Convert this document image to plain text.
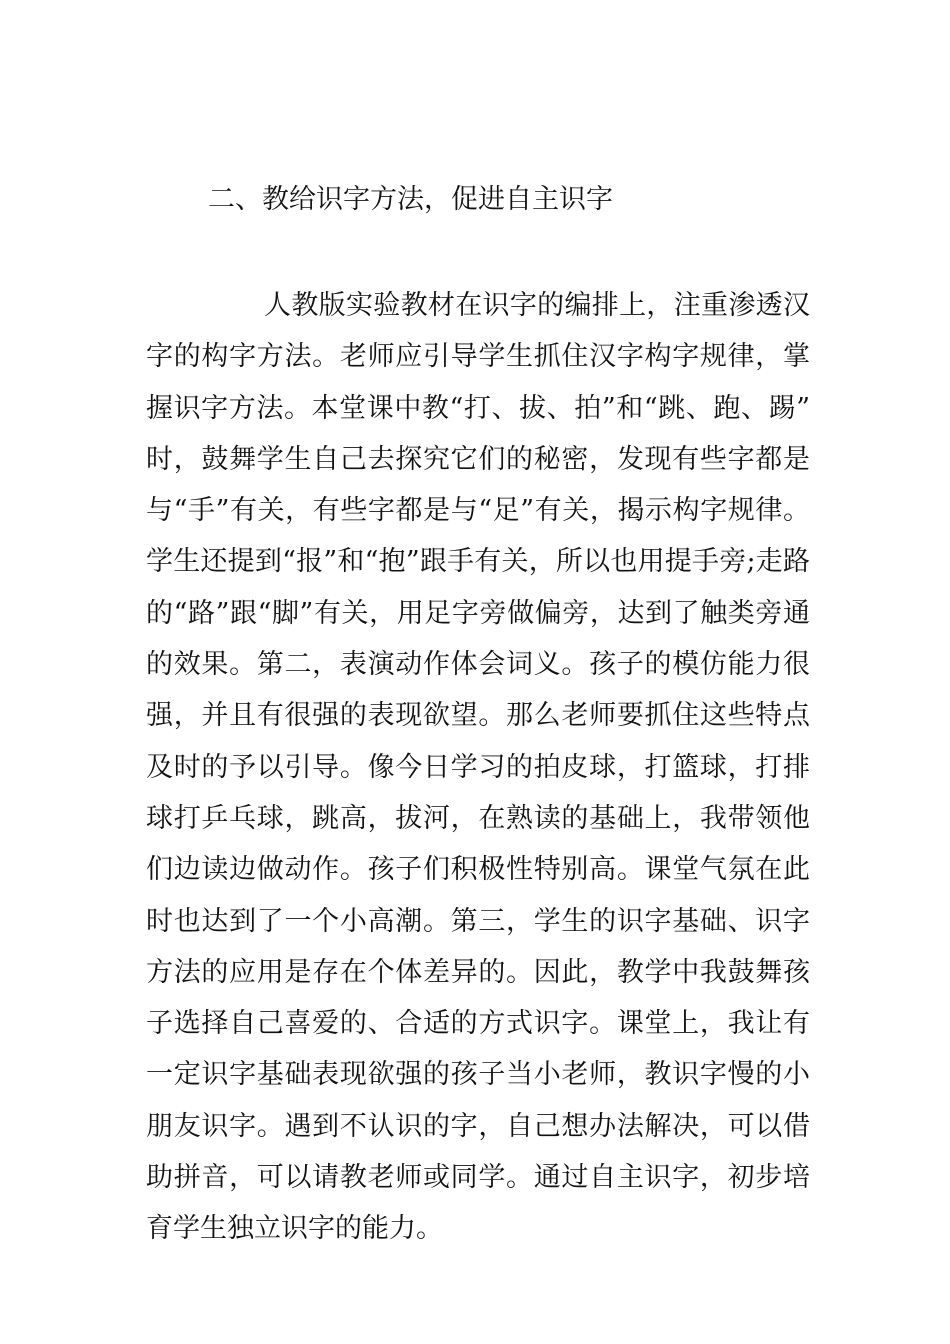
二、教给识字方法，促进自主识字

人教版实验教材在识字的编排上，注重渗透汉字的构字方法。老师应引导学生抓住汉字构字规律，掌握识字方法。本堂课中教“打、拔、拍”和“跳、跑、踢”时，鼓舞学生自己去探究它们的秘密，发现有些字都是与“手”有关，有些字都是与“足”有关，揭示构字规律。学生还提到“报”和“抱”跟手有关，所以也用提手旁;走路的“路”跟“脚”有关，用足字旁做偏旁，达到了触类旁通的效果。第二，表演动作体会词义。孩子的模仿能力很强，并且有很强的表现欲望。那么老师要抓住这些特点及时的予以引导。像今日学习的拍皮球，打篮球，打排球打乒乓球，跳高，拔河，在熟读的基础上，我带领他们边读边做动作。孩子们积极性特别高。课堂气氛在此时也达到了一个小高潮。第三，学生的识字基础、识字方法的应用是存在个体差异的。因此，教学中我鼓舞孩子选择自己喜爱的、合适的方式识字。课堂上，我让有一定识字基础表现欲强的孩子当小老师，教识字慢的小朋友识字。遇到不认识的字，自己想办法解决，可以借助拼音，可以请教老师或同学。通过自主识字，初步培育学生独立识字的能力。
